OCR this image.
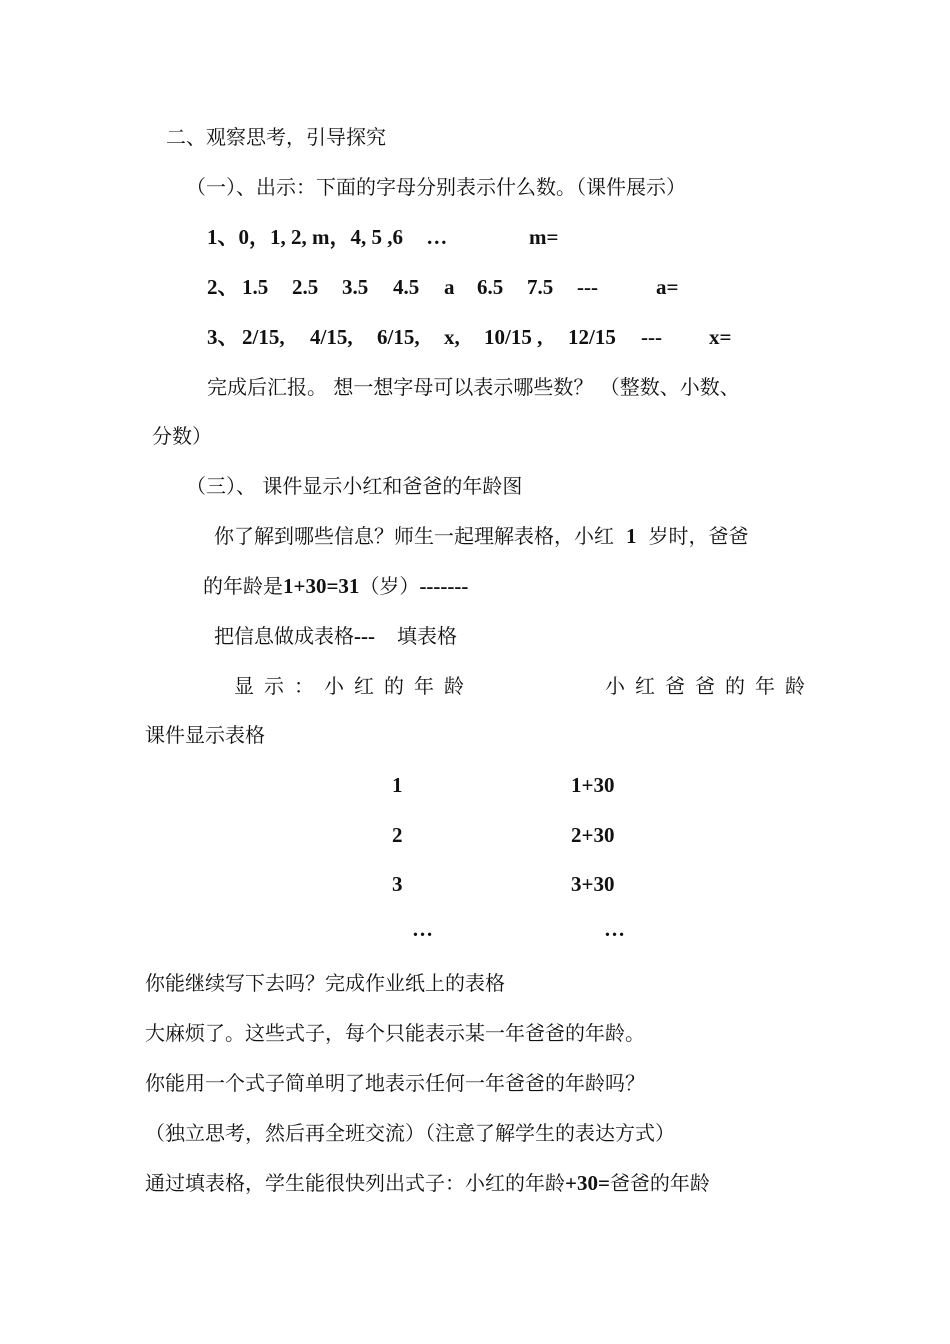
二、观察思考，引导探究
（一）、出示：下面的字母分别表示什么数。（课件展示）
1、0，1, 2, m，4, 5 ,6 …	m=
2、 1.5 2.5 3.5 4.5 a 6.5 7.5 ---	a=
3、 2/15, 4/15, 6/15, x, 10/15 , 12/15 --- x=
完成后汇报。 想一想字母可以表示哪些数？ （整数、小数、
分数）
（三）、 课件显示小红和爸爸的年龄图
你了解到哪些信息？师生一起理解表格，小红 1 岁时，爸爸
的年龄是1+30=31（岁）-------
把信息做成表格--- 填表格
显示：小红的年龄	小红爸爸的年龄
课件显示表格
1	1+30
2	2+30
3	3+30
…	…
你能继续写下去吗？完成作业纸上的表格
大麻烦了。这些式子，每个只能表示某一年爸爸的年龄。
你能用一个式子简单明了地表示任何一年爸爸的年龄吗？
（独立思考，然后再全班交流）（注意了解学生的表达方式）
通过填表格，学生能很快列出式子：小红的年龄+30=爸爸的年龄
